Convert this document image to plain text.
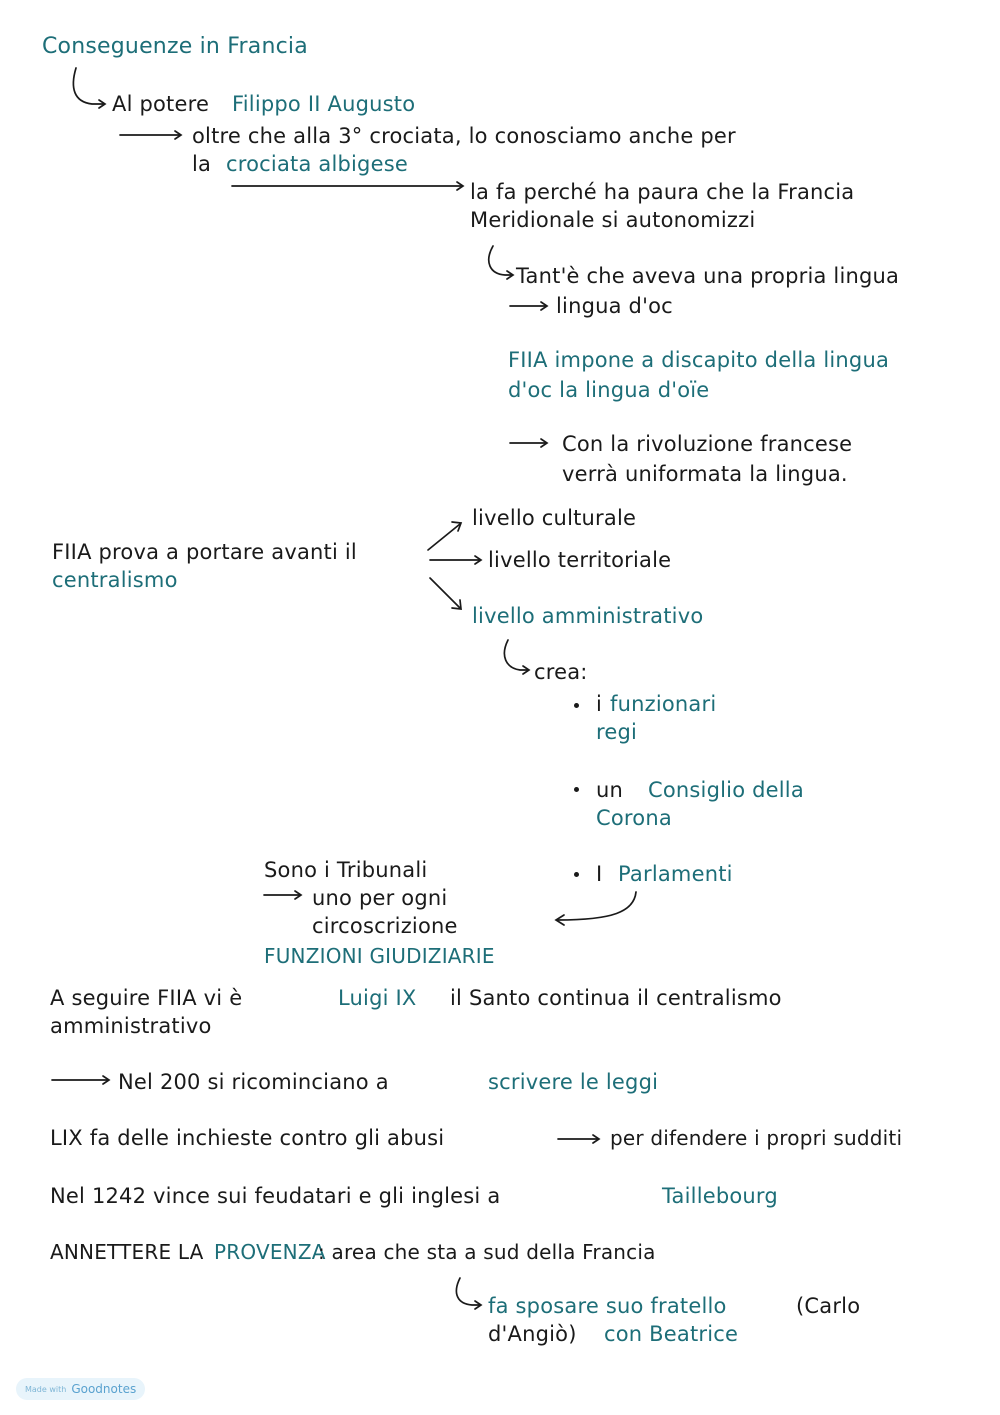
Conseguenze in Francia
Al potere Filippo II Augusto
oltre che alla 3° crociata, lo conosciamo anche per
la crociata albigese
la fa perché ha paura che la Francia
Meridionale si autonomizzi
Tant'è che aveva una propria lingua
lingua d'oc
FIIA impone a discapito della lingua
d'oc la lingua d'oïe
Con la rivoluzione francese
verrà uniformata la lingua.
FIIA prova a portare avanti il
centralismo
livello culturale
livello territoriale
livello amministrativo
crea:
i funzionari
regi
un Consiglio della
Corona
I Parlamenti
Sono i Tribunali
uno per ogni
circoscrizione
FUNZIONI GIUDIZIARIE
A seguire FIIA vi è	Luigi IX il Santo continua il centralismo
amministrativo
Nel 200 si ricominciano a	scrivere le leggi
LIX fa delle inchieste contro gli abusi	per difendere i propri sudditi
Nel 1242 vince sui feudatari e gli inglesi a	Taillebourg
ANNETTERE LA PROVENZA
: area che sta a sud della Francia
fa sposare suo fratello	(Carlo
d'Angiò) con Beatrice
Made with Goodnotes
